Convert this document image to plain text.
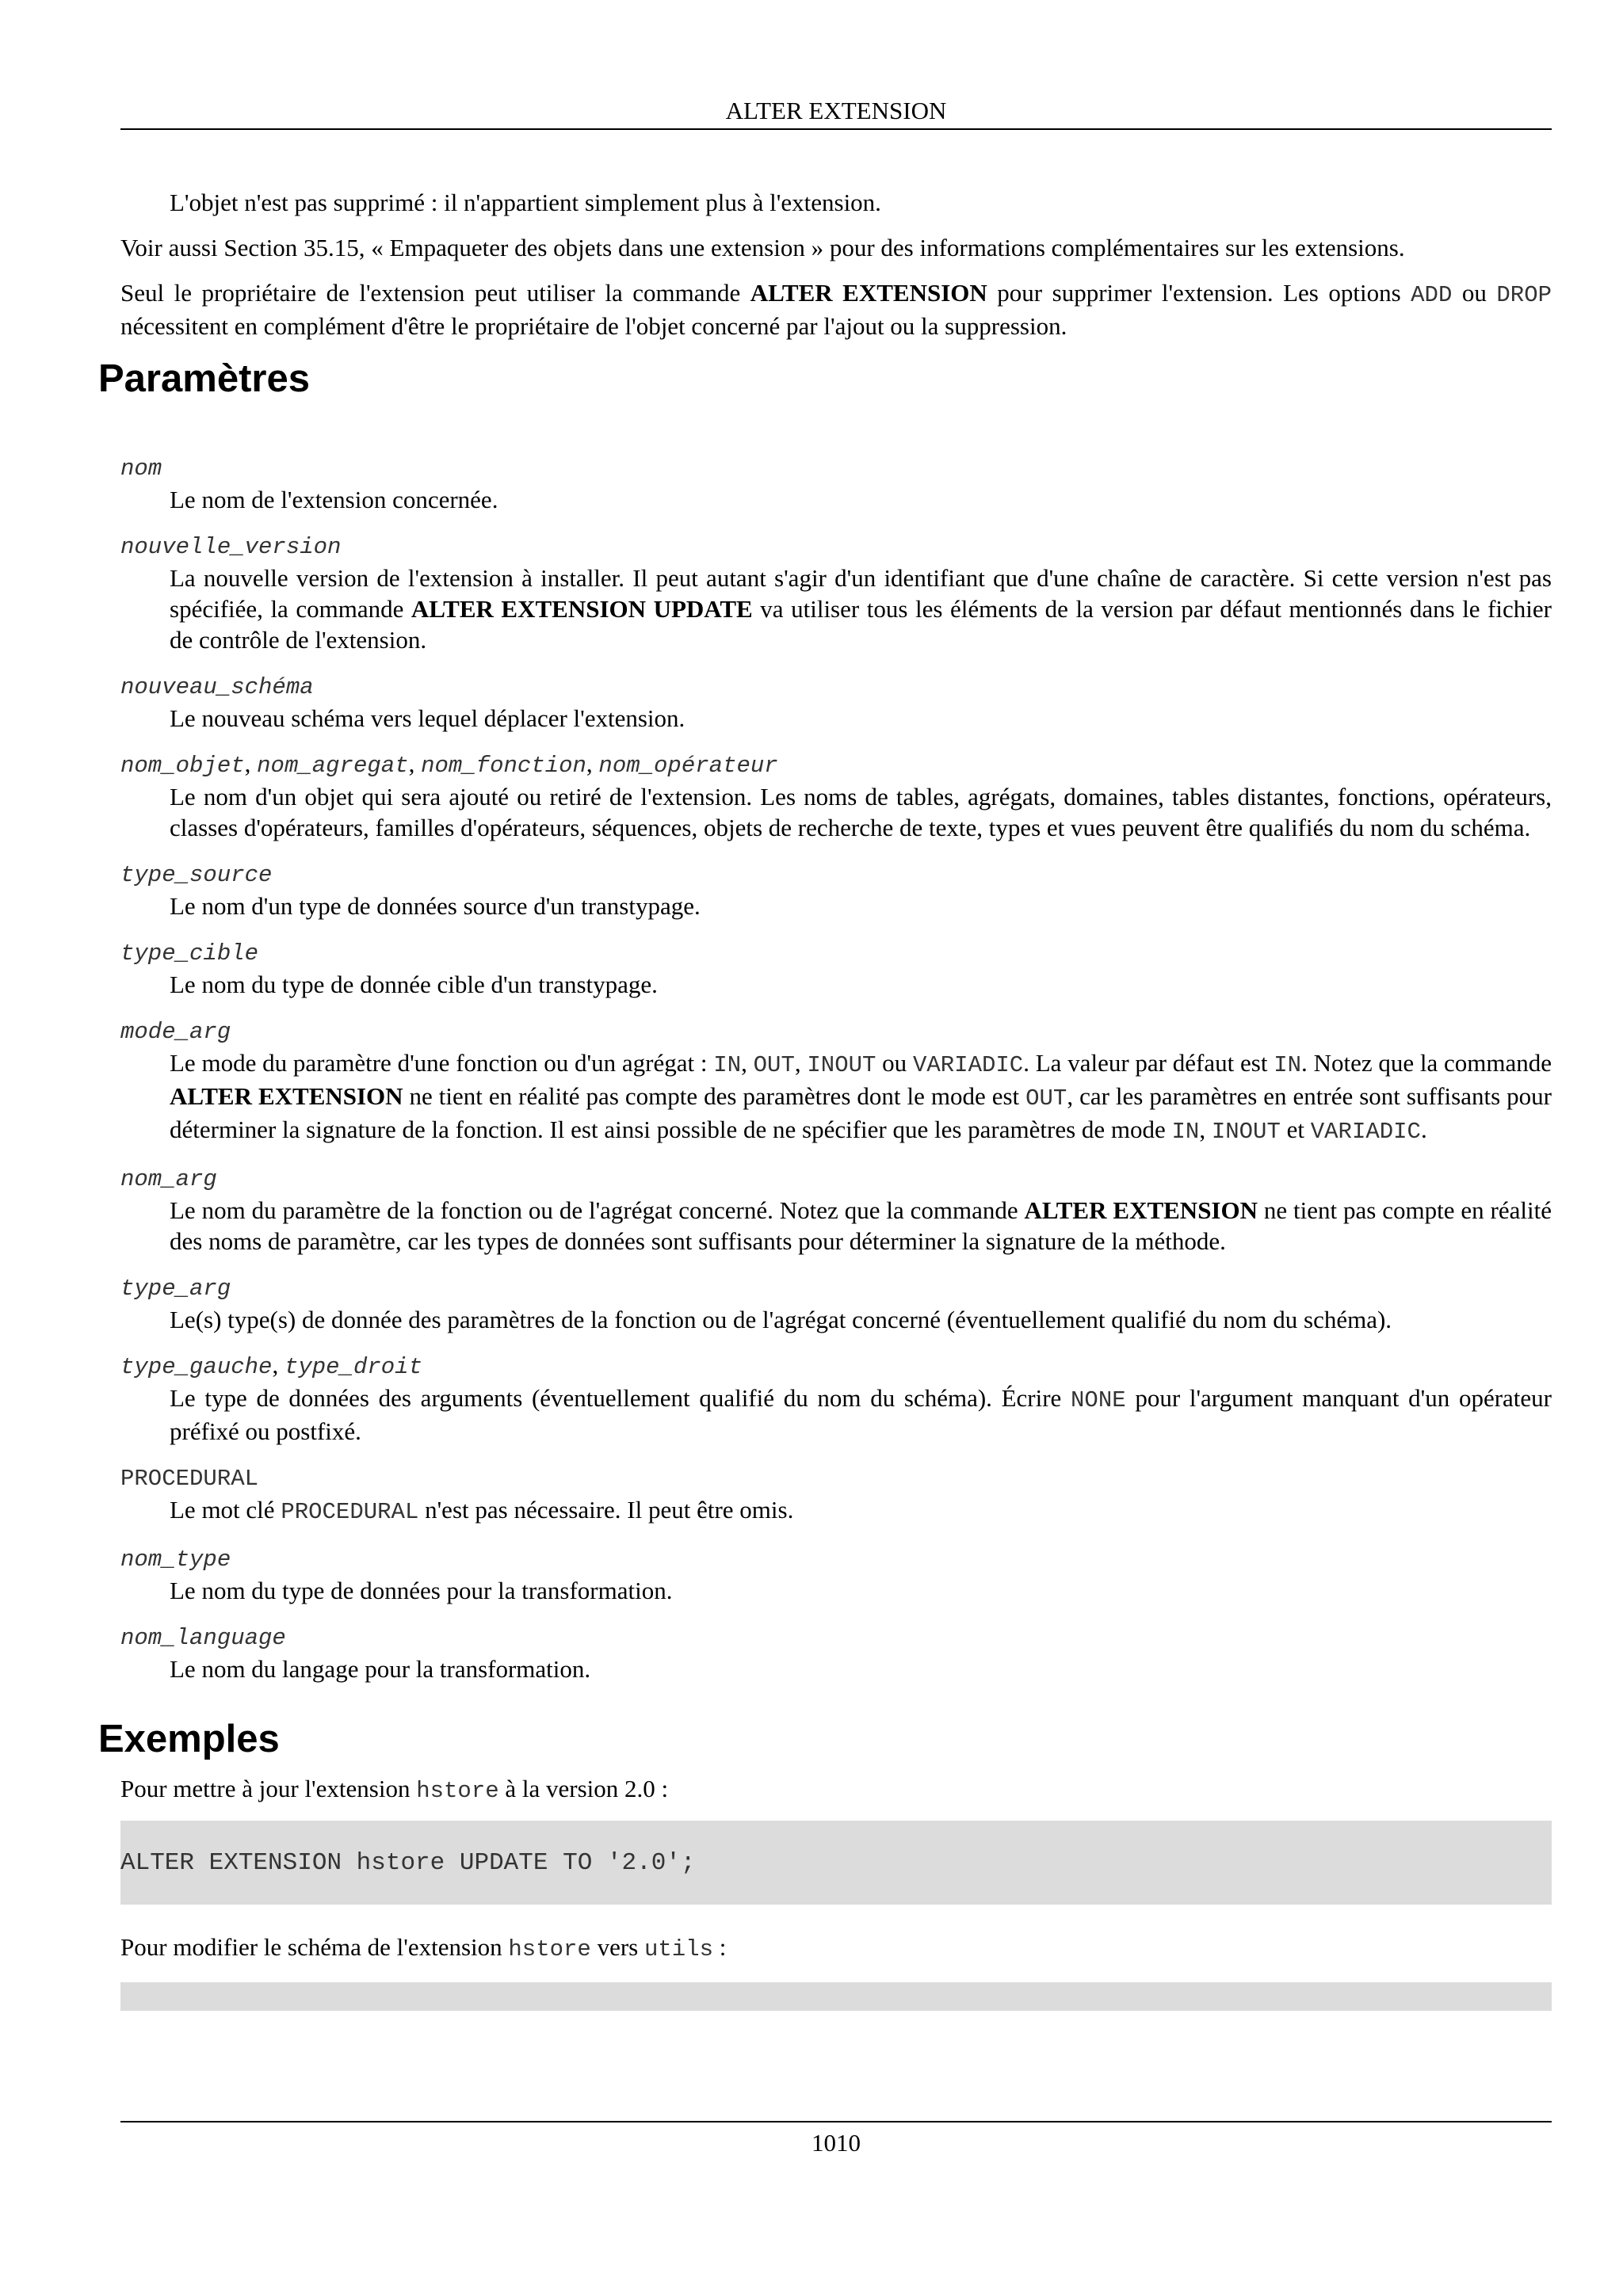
ALTER EXTENSION

L'objet n'est pas supprimé : il n'appartient simplement plus à l'extension.

Voir aussi Section 35.15, « Empaqueter des objets dans une extension » pour des informations complémentaires sur les extensions.

Seul le propriétaire de l'extension peut utiliser la commande ALTER EXTENSION pour supprimer l'extension. Les options ADD ou DROP nécessitent en complément d'être le propriétaire de l'objet concerné par l'ajout ou la suppression.

Paramètres
nom
Le nom de l'extension concernée.
nouvelle_version
La nouvelle version de l'extension à installer. Il peut autant s'agir d'un identifiant que d'une chaîne de caractère. Si cette version n'est pas spécifiée, la commande ALTER EXTENSION UPDATE va utiliser tous les éléments de la version par défaut mentionnés dans le fichier de contrôle de l'extension.
nouveau_schéma
Le nouveau schéma vers lequel déplacer l'extension.
nom_objet, nom_agregat, nom_fonction, nom_opérateur
Le nom d'un objet qui sera ajouté ou retiré de l'extension. Les noms de tables, agrégats, domaines, tables distantes, fonctions, opérateurs, classes d'opérateurs, familles d'opérateurs, séquences, objets de recherche de texte, types et vues peuvent être qualifiés du nom du schéma.
type_source
Le nom d'un type de données source d'un transtypage.
type_cible
Le nom du type de donnée cible d'un transtypage.
mode_arg
Le mode du paramètre d'une fonction ou d'un agrégat : IN, OUT, INOUT ou VARIADIC. La valeur par défaut est IN. Notez que la commande ALTER EXTENSION ne tient en réalité pas compte des paramètres dont le mode est OUT, car les paramètres en entrée sont suffisants pour déterminer la signature de la fonction. Il est ainsi possible de ne spécifier que les paramètres de mode IN, INOUT et VARIADIC.
nom_arg
Le nom du paramètre de la fonction ou de l'agrégat concerné. Notez que la commande ALTER EXTENSION ne tient pas compte en réalité des noms de paramètre, car les types de données sont suffisants pour déterminer la signature de la méthode.
type_arg
Le(s) type(s) de donnée des paramètres de la fonction ou de l'agrégat concerné (éventuellement qualifié du nom du schéma).
type_gauche, type_droit
Le type de données des arguments (éventuellement qualifié du nom du schéma). Écrire NONE pour l'argument manquant d'un opérateur préfixé ou postfixé.
PROCEDURAL
Le mot clé PROCEDURAL n'est pas nécessaire. Il peut être omis.
nom_type
Le nom du type de données pour la transformation.
nom_language
Le nom du langage pour la transformation.
Exemples

Pour mettre à jour l'extension hstore à la version 2.0 :

ALTER EXTENSION hstore UPDATE TO '2.0';

Pour modifier le schéma de l'extension hstore vers utils :

1010
